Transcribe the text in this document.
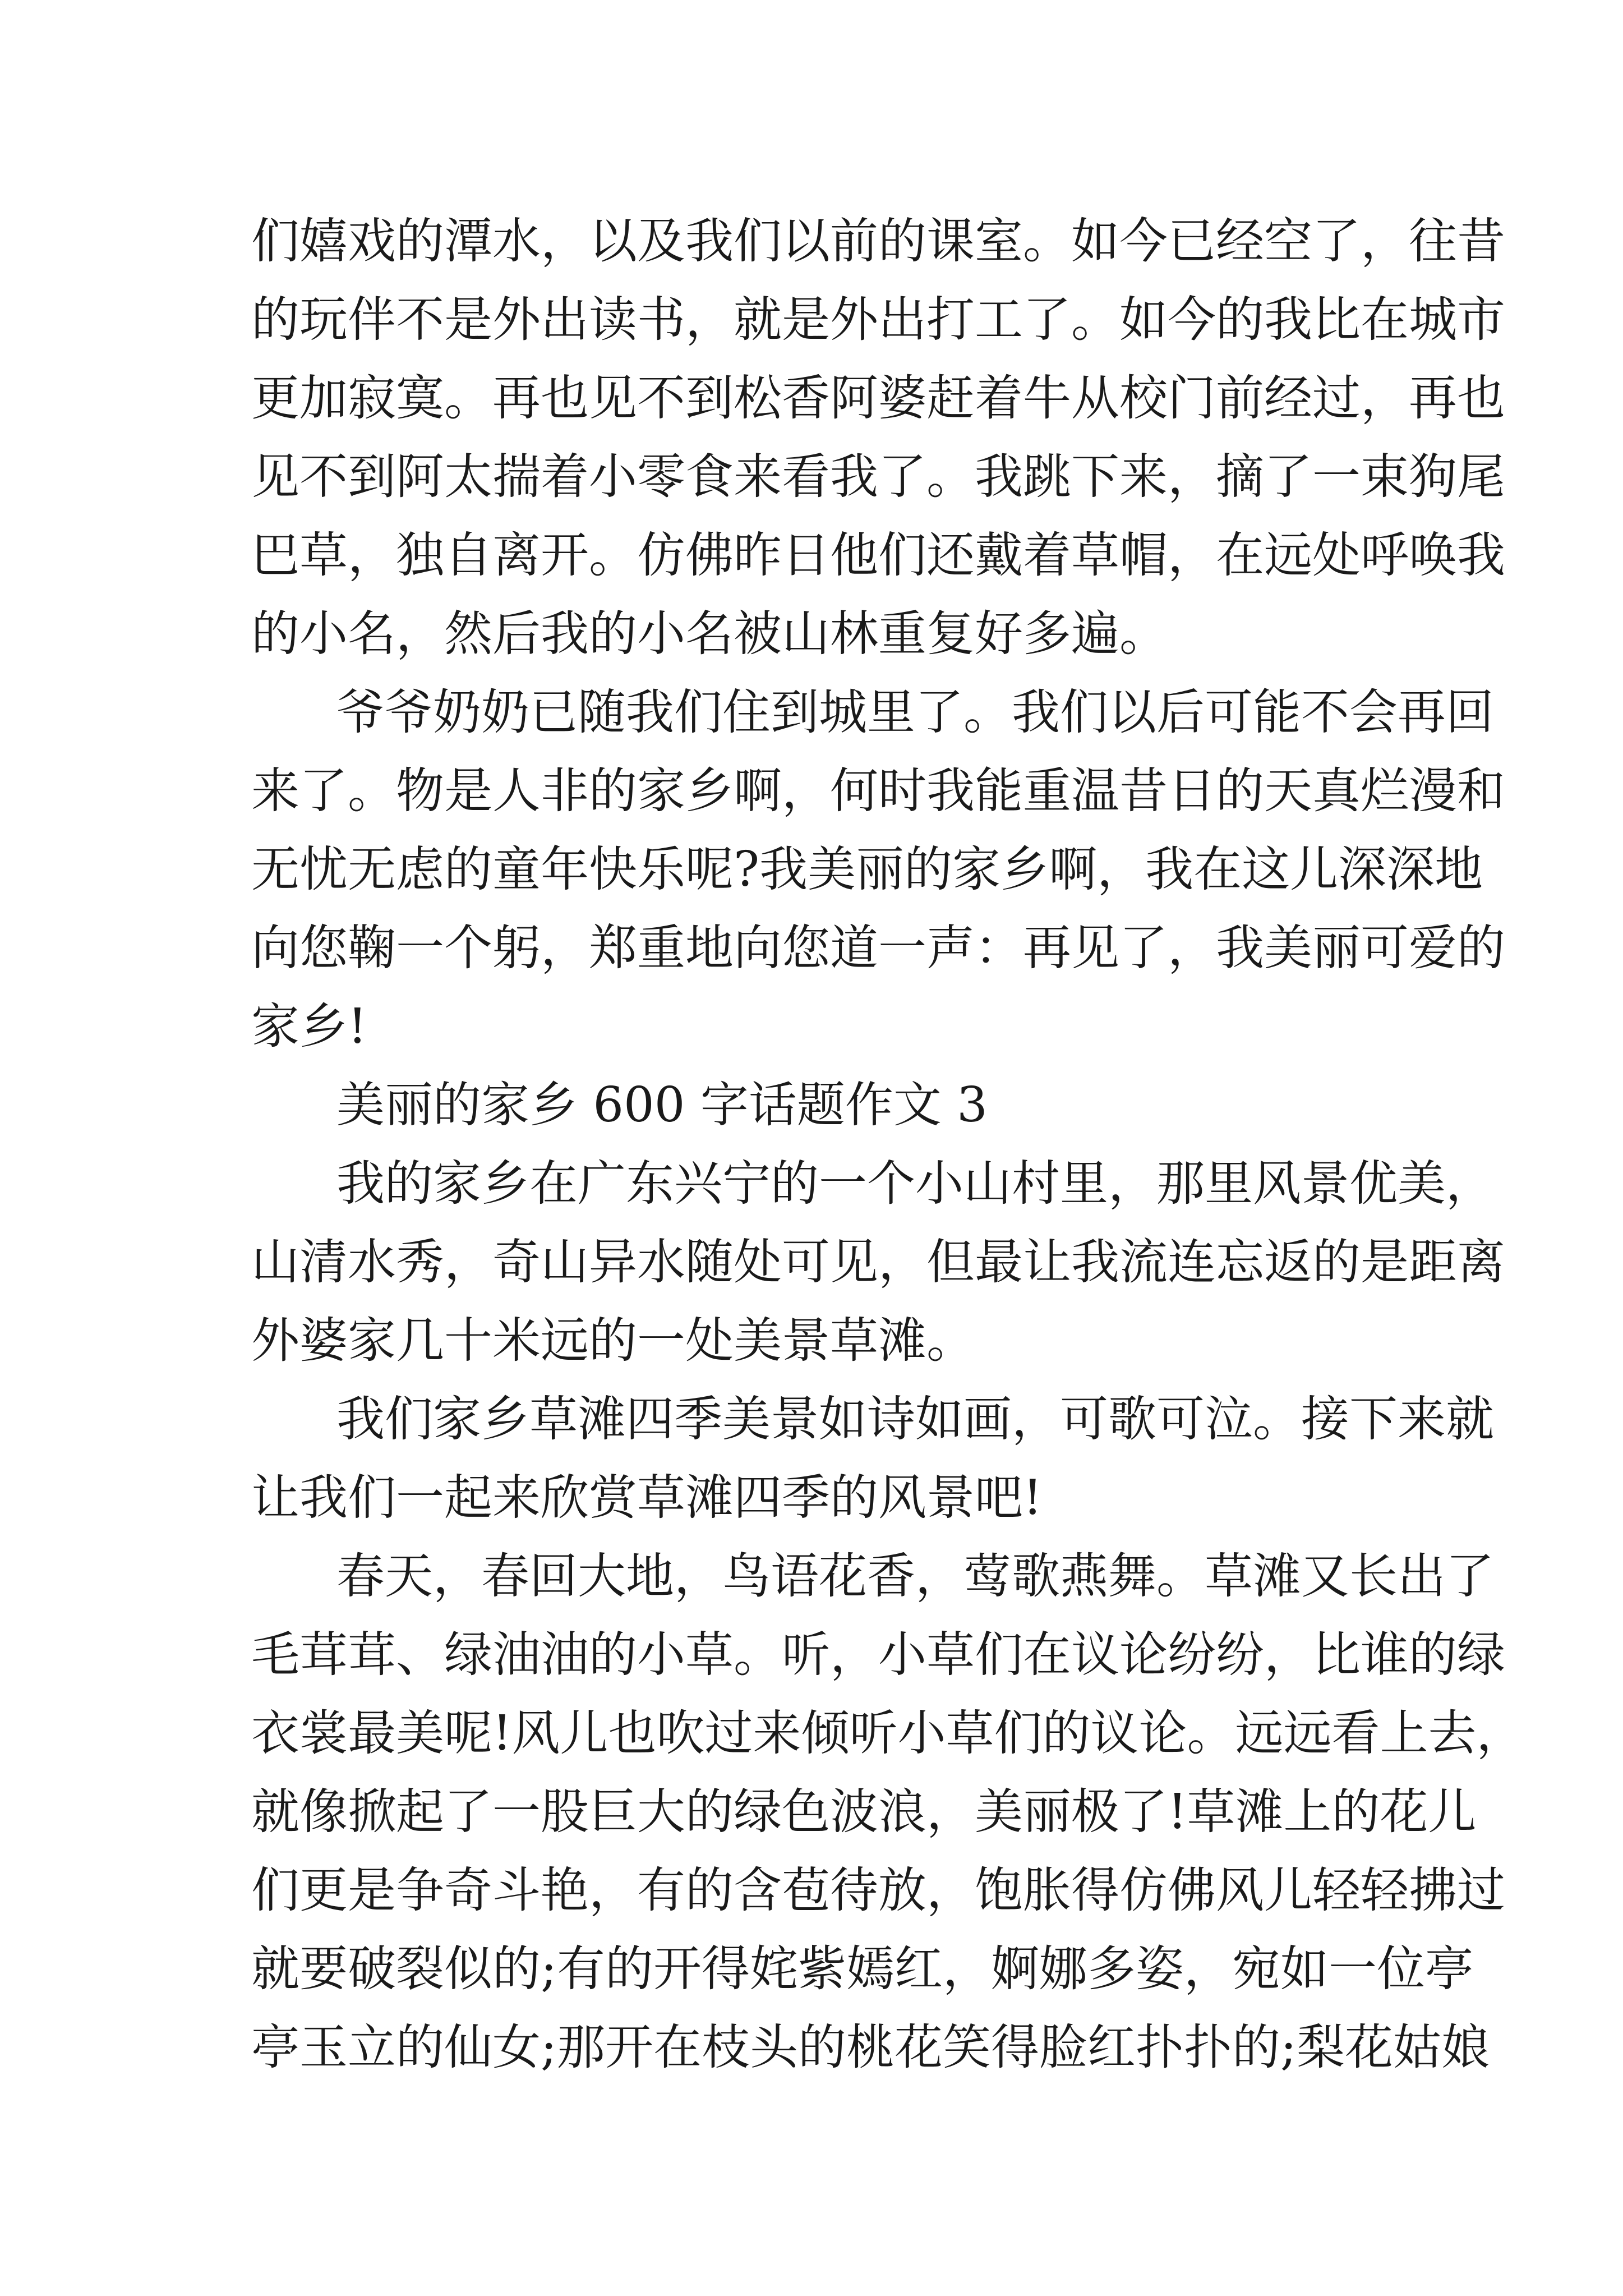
们嬉戏的潭水，以及我们以前的课室。如今已经空了，往昔
的玩伴不是外出读书，就是外出打工了。如今的我比在城市
更加寂寞。再也见不到松香阿婆赶着牛从校门前经过，再也
见不到阿太揣着小零食来看我了。我跳下来，摘了一束狗尾
巴草，独自离开。仿佛昨日他们还戴着草帽，在远处呼唤我
的小名，然后我的小名被山林重复好多遍。
爷爷奶奶已随我们住到城里了。我们以后可能不会再回
来了。物是人非的家乡啊，何时我能重温昔日的天真烂漫和
无忧无虑的童年快乐呢?我美丽的家乡啊，我在这儿深深地
向您鞠一个躬，郑重地向您道一声：再见了，我美丽可爱的
家乡!
美丽的家乡 600 字话题作文 3
我的家乡在广东兴宁的一个小山村里，那里风景优美，
山清水秀，奇山异水随处可见，但最让我流连忘返的是距离
外婆家几十米远的一处美景草滩。
我们家乡草滩四季美景如诗如画，可歌可泣。接下来就
让我们一起来欣赏草滩四季的风景吧!
春天，春回大地，鸟语花香，莺歌燕舞。草滩又长出了
毛茸茸、绿油油的小草。听，小草们在议论纷纷，比谁的绿
衣裳最美呢!风儿也吹过来倾听小草们的议论。远远看上去，
就像掀起了一股巨大的绿色波浪，美丽极了!草滩上的花儿
们更是争奇斗艳，有的含苞待放，饱胀得仿佛风儿轻轻拂过
就要破裂似的;有的开得姹紫嫣红，婀娜多姿，宛如一位亭
亭玉立的仙女;那开在枝头的桃花笑得脸红扑扑的;梨花姑娘
